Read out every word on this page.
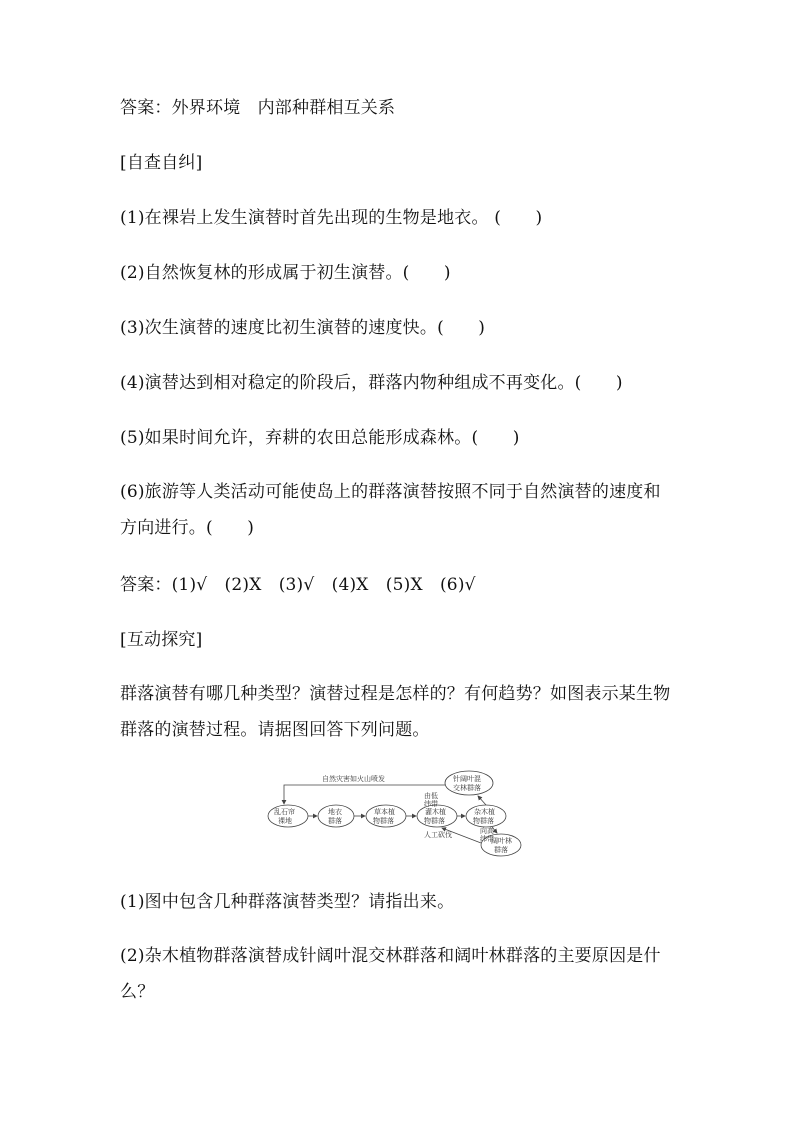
答案：外界环境　内部种群相互关系
[自查自纠]
(1)在裸岩上发生演替时首先出现的生物是地衣。 (　　)
(2)自然恢复林的形成属于初生演替。(　　)
(3)次生演替的速度比初生演替的速度快。(　　)
(4)演替达到相对稳定的阶段后，群落内物种组成不再变化。(　　)
(5)如果时间允许，弃耕的农田总能形成森林。(　　)
(6)旅游等人类活动可能使岛上的群落演替按照不同于自然演替的速度和方向进行。(　　)
答案：(1)√　(2)X　(3)√　(4)X　(5)X　(6)√
[互动探究]
群落演替有哪几种类型？演替过程是怎样的？有何趋势？如图表示某生物群落的演替过程。请据图回答下列问题。
自然灾害如火山喷发
乱石帘
裸地
地衣
群落
草本植
物群落
灌木植
物群落
杂木植
物群落
针阔叶混
交林群落
阔叶林
群落
由低
纬带
向高
纬带
人工砍伐
(1)图中包含几种群落演替类型？请指出来。
(2)杂木植物群落演替成针阔叶混交林群落和阔叶林群落的主要原因是什么？
